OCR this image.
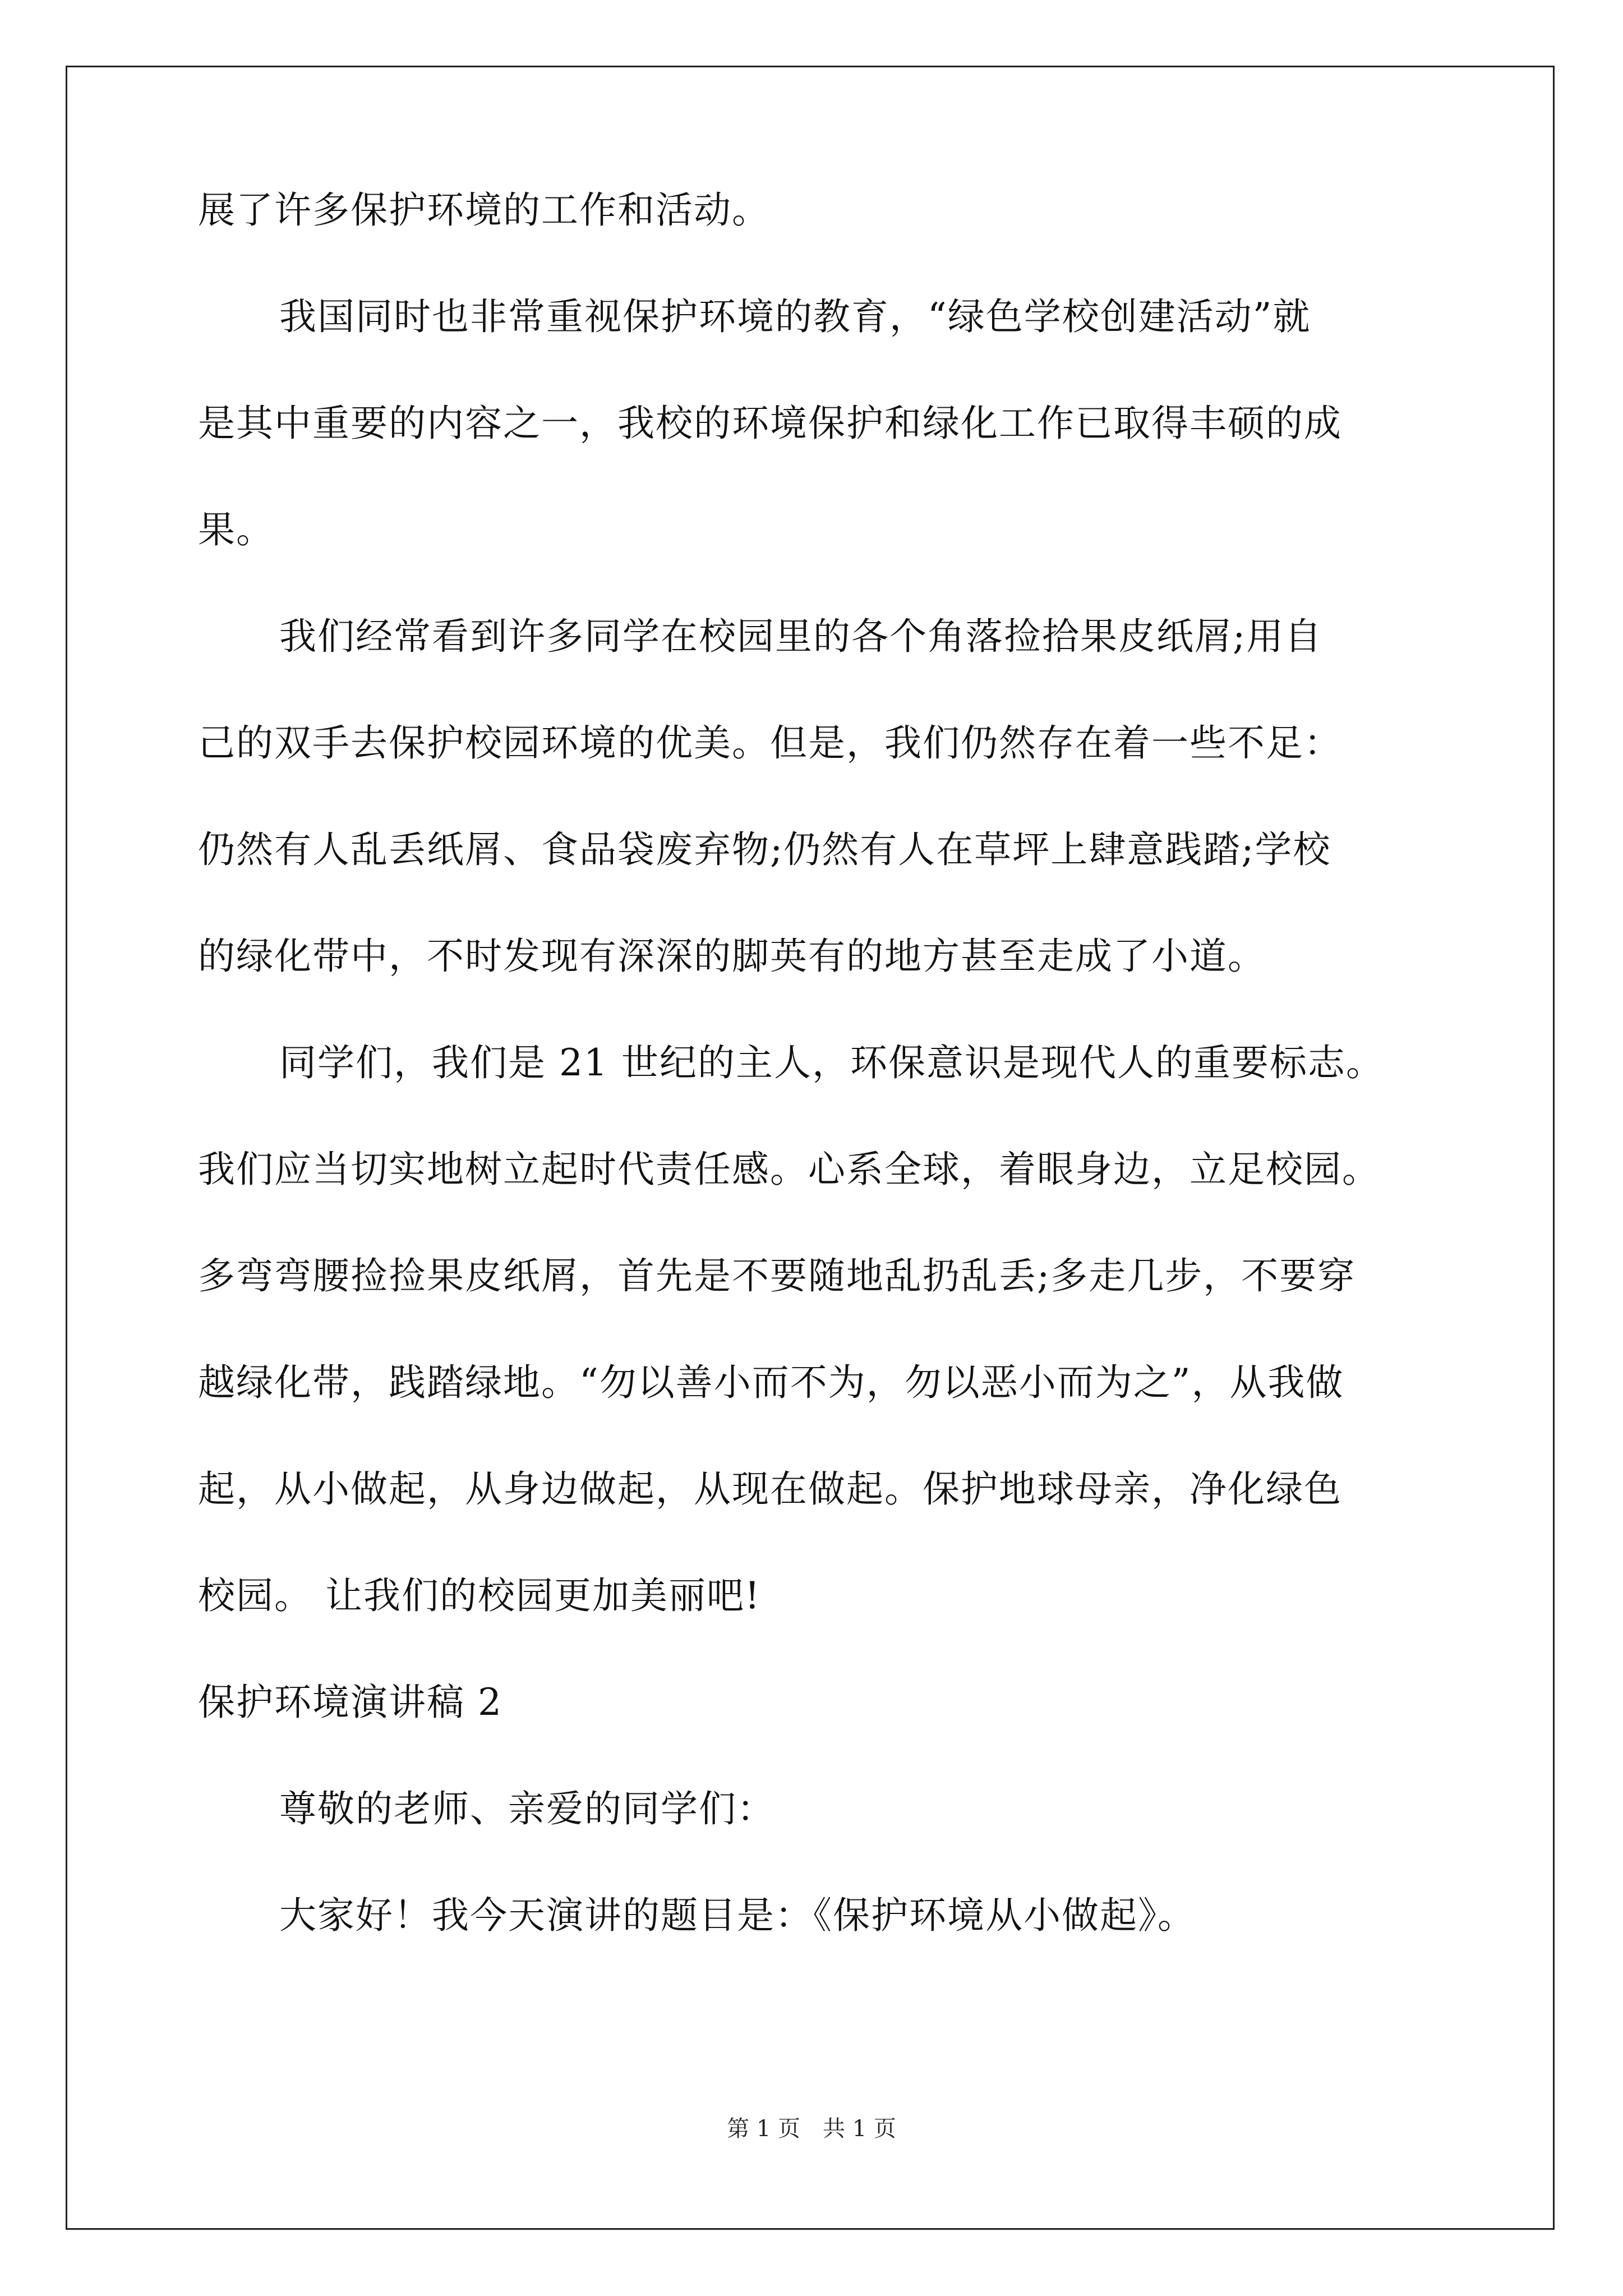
展了许多保护环境的工作和活动。
我国同时也非常重视保护环境的教育，“绿色学校创建活动”就
是其中重要的内容之一，我校的环境保护和绿化工作已取得丰硕的成
果。
我们经常看到许多同学在校园里的各个角落捡拾果皮纸屑;用自
己的双手去保护校园环境的优美。但是，我们仍然存在着一些不足：
仍然有人乱丢纸屑、食品袋废弃物;仍然有人在草坪上肆意践踏;学校
的绿化带中，不时发现有深深的脚英有的地方甚至走成了小道。
同学们，我们是 21 世纪的主人，环保意识是现代人的重要标志。
我们应当切实地树立起时代责任感。心系全球，着眼身边，立足校园。
多弯弯腰捡捡果皮纸屑，首先是不要随地乱扔乱丢;多走几步，不要穿
越绿化带，践踏绿地。“勿以善小而不为，勿以恶小而为之”，从我做
起，从小做起，从身边做起，从现在做起。保护地球母亲，净化绿色
校园。 让我们的校园更加美丽吧!
保护环境演讲稿 2
尊敬的老师、亲爱的同学们：
大家好！我今天演讲的题目是：《保护环境从小做起》。
第 1 页　共 1 页
